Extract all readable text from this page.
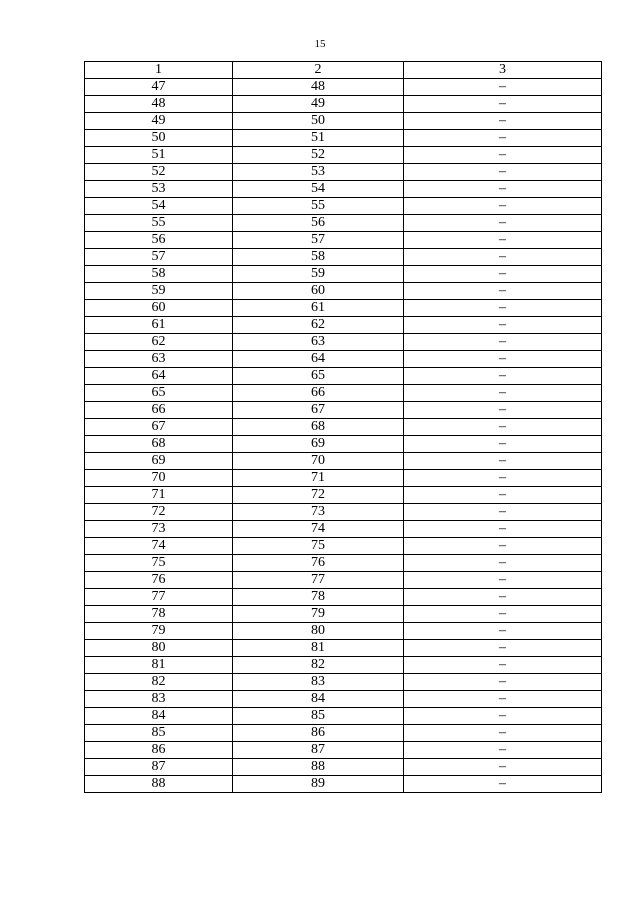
15
1	2	3
47	48	–
48	49	–
49	50	–
50	51	–
51	52	–
52	53	–
53	54	–
54	55	–
55	56	–
56	57	–
57	58	–
58	59	–
59	60	–
60	61	–
61	62	–
62	63	–
63	64	–
64	65	–
65	66	–
66	67	–
67	68	–
68	69	–
69	70	–
70	71	–
71	72	–
72	73	–
73	74	–
74	75	–
75	76	–
76	77	–
77	78	–
78	79	–
79	80	–
80	81	–
81	82	–
82	83	–
83	84	–
84	85	–
85	86	–
86	87	–
87	88	–
88	89	–
